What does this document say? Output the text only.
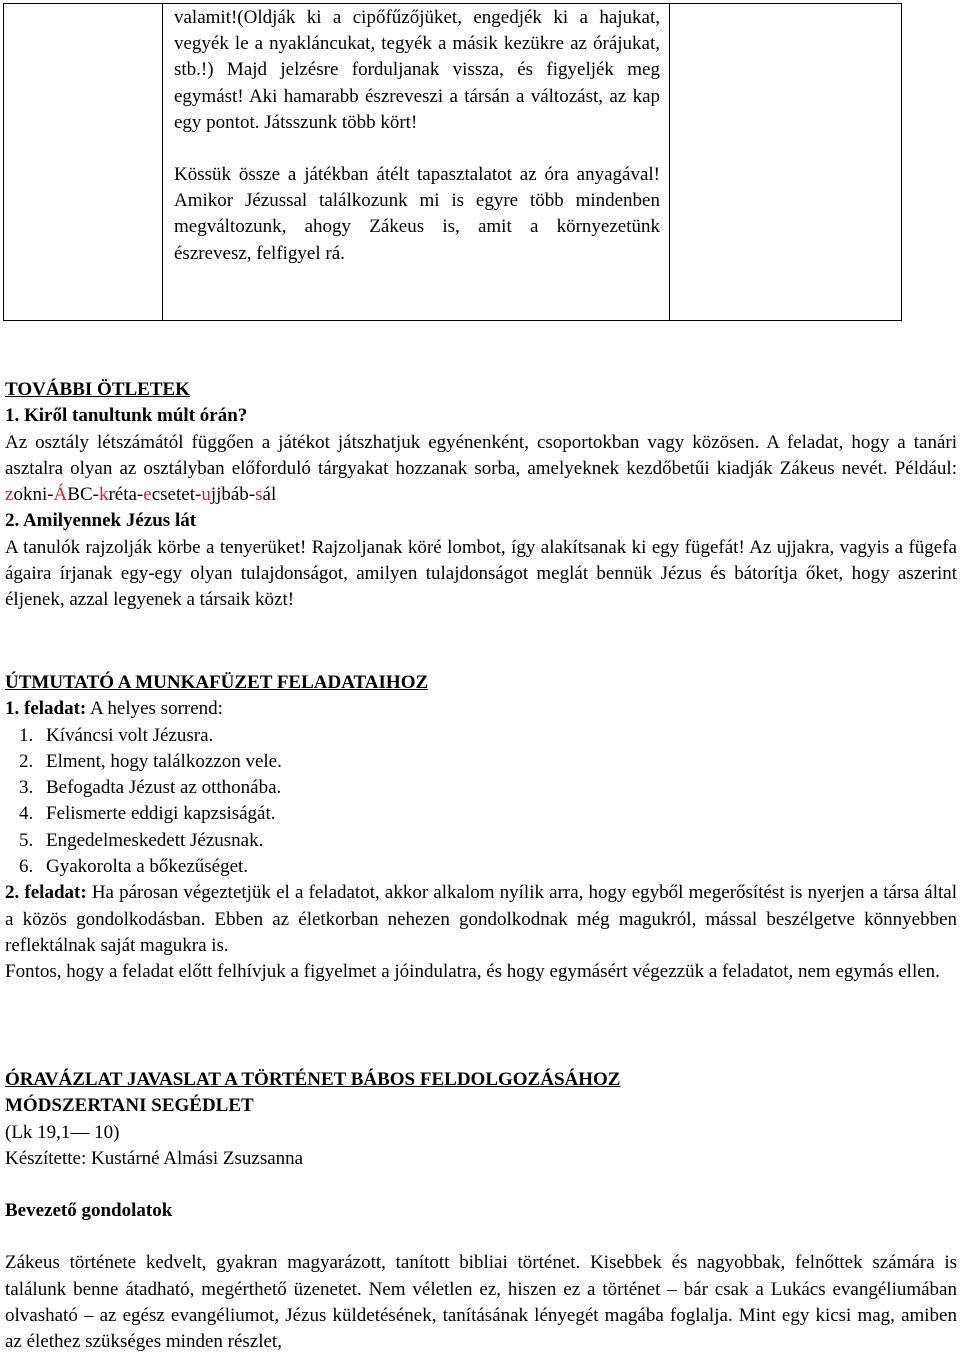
valamit!(Oldják ki a cipőfűzőjüket, engedjék ki a hajukat, vegyék le a nyakláncukat, tegyék a másik kezükre az órájukat, stb.!) Majd jelzésre forduljanak vissza, és figyeljék meg egymást! Aki hamarabb észreveszi a társán a változást, az kap egy pontot. Játsszunk több kört!

Kössük össze a játékban átélt tapasztalatot az óra anyagával! Amikor Jézussal találkozunk mi is egyre több mindenben megváltozunk, ahogy Zákeus is, amit a környezetünk észrevesz, felfigyel rá.

TOVÁBBI ÖTLETEK
1. Kiről tanultunk múlt órán?

Az osztály létszámától függően a játékot játszhatjuk egyénenként, csoportokban vagy közösen. A feladat, hogy a tanári asztalra olyan az osztályban előforduló tárgyakat hozzanak sorba, amelyeknek kezdőbetűi kiadják Zákeus nevét. Például: zokni-ÁBC-kréta-ecsetet-ujjbáb-sál

2. Amilyennek Jézus lát

A tanulók rajzolják körbe a tenyerüket! Rajzoljanak köré lombot, így alakítsanak ki egy fügefát! Az ujjakra, vagyis a fügefa ágaira írjanak egy-egy olyan tulajdonságot, amilyen tulajdonságot meglát bennük Jézus és bátorítja őket, hogy aszerint éljenek, azzal legyenek a társaik közt!

ÚTMUTATÓ A MUNKAFÜZET FELADATAIHOZ
1. feladat: A helyes sorrend:
1. Kíváncsi volt Jézusra.
2. Elment, hogy találkozzon vele.
3. Befogadta Jézust az otthonába.
4. Felismerte eddigi kapzsiságát.
5. Engedelmeskedett Jézusnak.
6. Gyakorolta a bőkezűséget.

2. feladat: Ha párosan végeztetjük el a feladatot, akkor alkalom nyílik arra, hogy egyből megerősítést is nyerjen a társa által a közös gondolkodásban. Ebben az életkorban nehezen gondolkodnak még magukról, mással beszélgetve könnyebben reflektálnak saját magukra is.

Fontos, hogy a feladat előtt felhívjuk a figyelmet a jóindulatra, és hogy egymásért végezzük a feladatot, nem egymás ellen.

ÓRAVÁZLAT JAVASLAT A TÖRTÉNET BÁBOS FELDOLGOZÁSÁHOZ
MÓDSZERTANI SEGÉDLET
(Lk 19,1— 10)
Készítette: Kustárné Almási Zsuzsanna
Bevezető gondolatok

Zákeus története kedvelt, gyakran magyarázott, tanított bibliai történet. Kisebbek és nagyobbak, felnőttek számára is találunk benne átadható, megérthető üzenetet. Nem véletlen ez, hiszen ez a történet – bár csak a Lukács evangéliumában olvasható – az egész evangéliumot, Jézus küldetésének, tanításának lényegét magába foglalja. Mint egy kicsi mag, amiben az élethez szükséges minden részlet,
